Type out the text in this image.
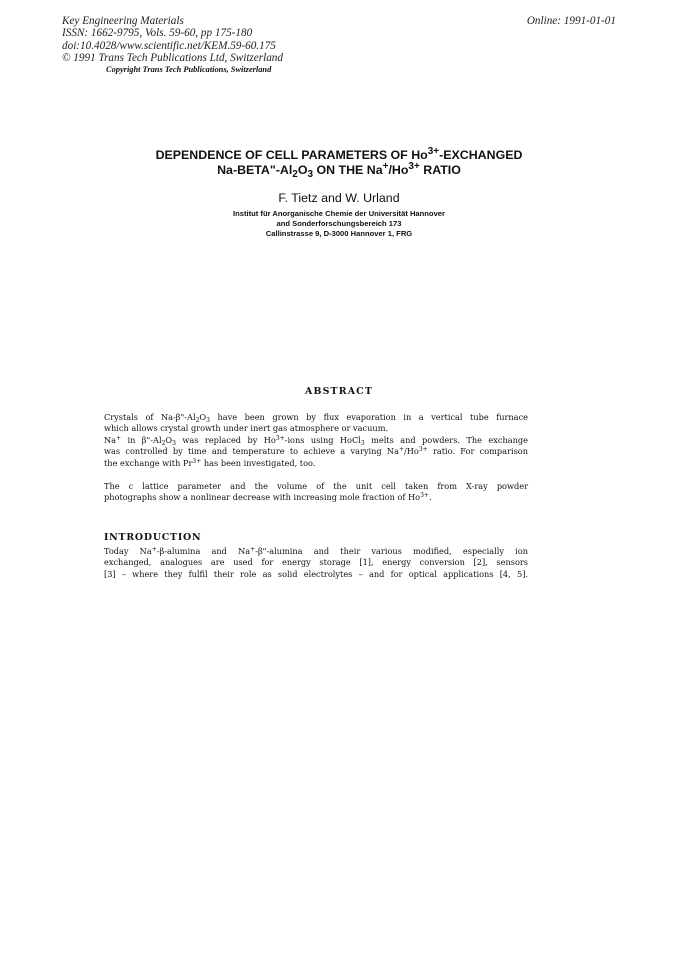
Key Engineering Materials
ISSN: 1662-9795, Vols. 59-60, pp 175-180
doi:10.4028/www.scientific.net/KEM.59-60.175
© 1991 Trans Tech Publications Ltd, Switzerland
Online: 1991-01-01
Copyright Trans Tech Publications, Switzerland
DEPENDENCE OF CELL PARAMETERS OF $Ho^{3+}$-EXCHANGED
$Na-BETA"-Al_2O_3$ ON THE $Na^+/Ho^{3+}$ RATIO
F. Tietz and W. Urland
Institut für Anorganische Chemie der Universität Hannover
and Sonderforschungsbereich 173
Callinstrasse 9, D-3000 Hannover 1, FRG
ABSTRACT
Crystals of $Na-\beta"-Al_2O_3$ have been grown by flux evaporation in a vertical tube furnace
which allows crystal growth under inert gas atmosphere or vacuum.
Na+ in $\beta"-Al_2O_3$ was replaced by $Ho^{3+}$-ions using HoCl$_3$ melts and powders. The exchange
was controlled by time and temperature to achieve a varying $Na^+/Ho^{3+}$ ratio. For comparison
the exchange with $Pr^{3+}$ has been investigated, too.
The c lattice parameter and the volume of the unit cell taken from X-ray powder
photographs show a nonlinear decrease with increasing mole fraction of $Ho^{3+}$.
INTRODUCTION
Today Na+-β-alumina and Na+-β"-alumina and their various modified, especially ion
exchanged, analogues are used for energy storage [1], energy conversion [2], sensors
[3] – where they fulfil their role as solid electrolytes – and for optical applications [4, 5].
